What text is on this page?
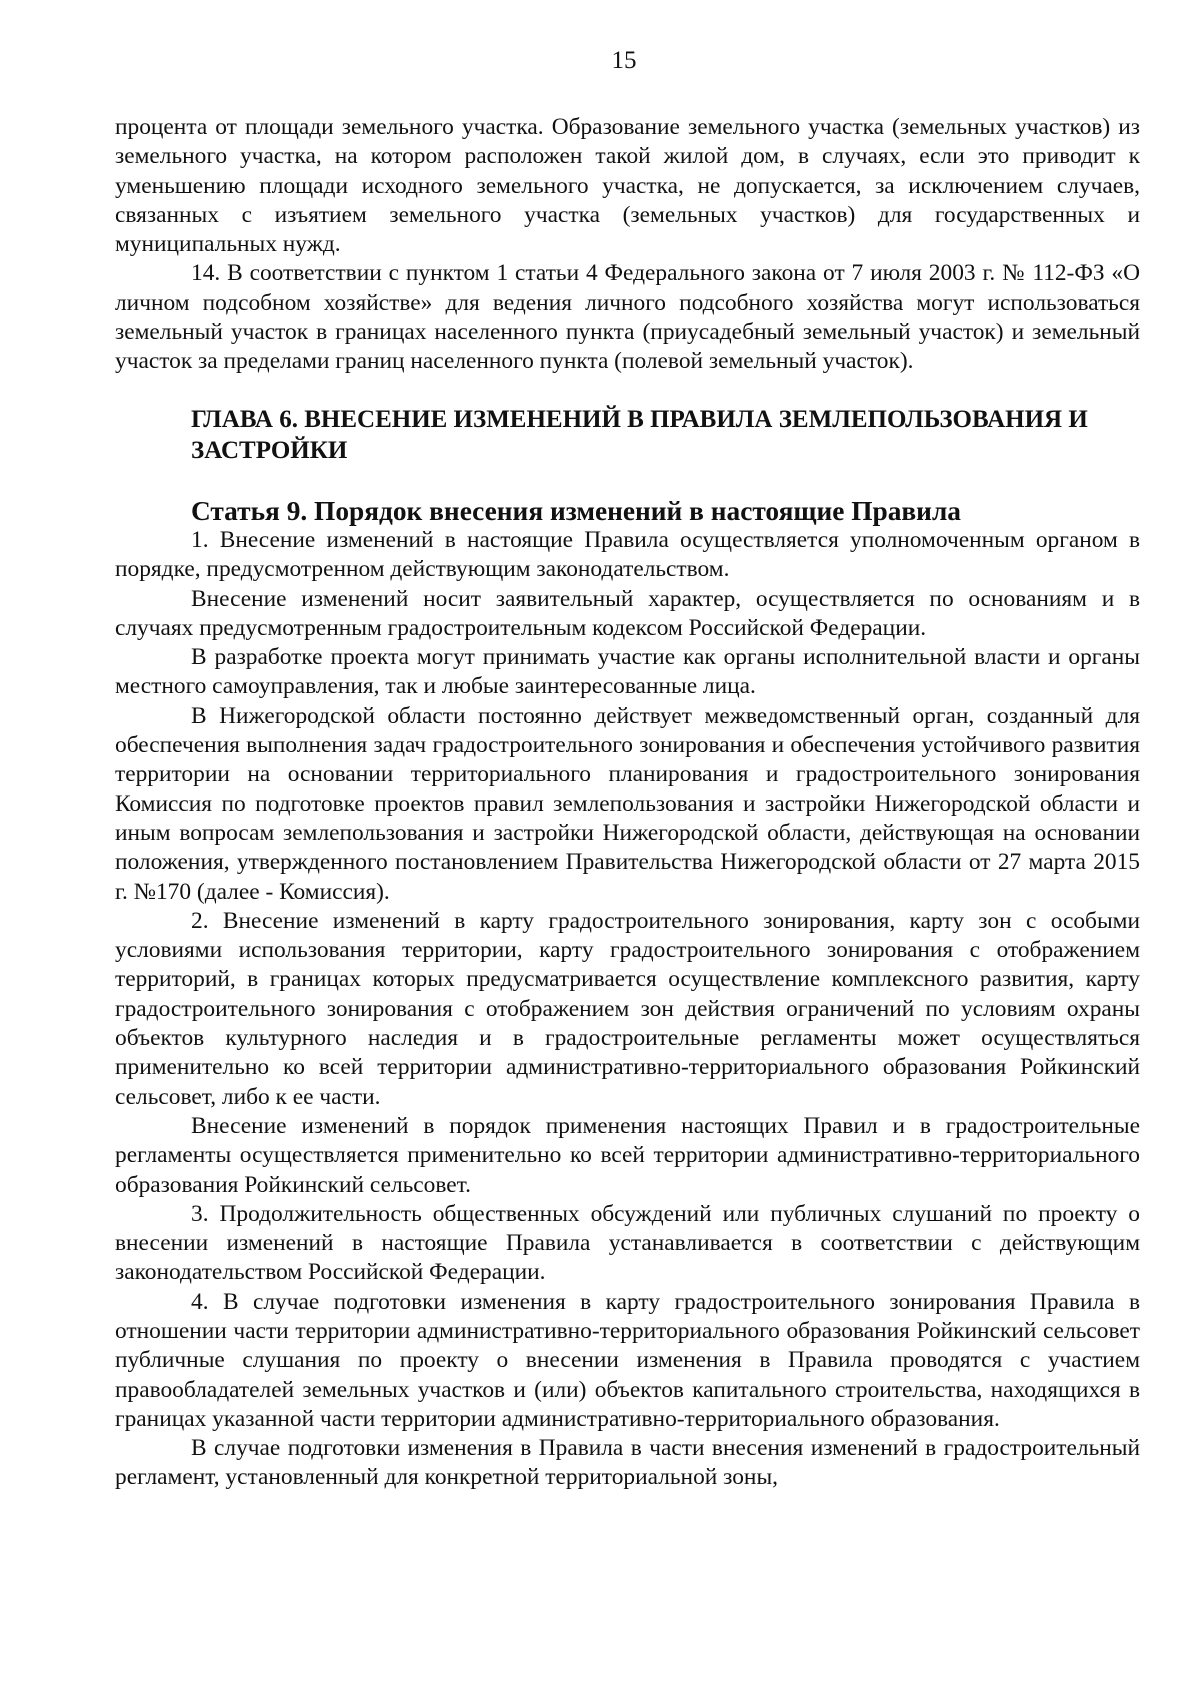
15

процента от площади земельного участка. Образование земельного участка (земельных участков) из земельного участка, на котором расположен такой жилой дом, в случаях, если это приводит к уменьшению площади исходного земельного участка, не допускается, за исключением случаев, связанных с изъятием земельного участка (земельных участков) для государственных и муниципальных нужд.

14. В соответствии с пунктом 1 статьи 4 Федерального закона от 7 июля 2003 г. № 112-ФЗ «О личном подсобном хозяйстве» для ведения личного подсобного хозяйства могут использоваться земельный участок в границах населенного пункта (приусадебный земельный участок) и земельный участок за пределами границ населенного пункта (полевой земельный участок).

ГЛАВА 6. ВНЕСЕНИЕ ИЗМЕНЕНИЙ В ПРАВИЛА ЗЕМЛЕПОЛЬЗОВАНИЯ И ЗАСТРОЙКИ
Статья 9. Порядок внесения изменений в настоящие Правила

1. Внесение изменений в настоящие Правила осуществляется уполномоченным органом в порядке, предусмотренном действующим законодательством.

Внесение изменений носит заявительный характер, осуществляется по основаниям и в случаях предусмотренным градостроительным кодексом Российской Федерации.

В разработке проекта могут принимать участие как органы исполнительной власти и органы местного самоуправления, так и любые заинтересованные лица.

В Нижегородской области постоянно действует межведомственный орган, созданный для обеспечения выполнения задач градостроительного зонирования и обеспечения устойчивого развития территории на основании территориального планирования и градостроительного зонирования Комиссия по подготовке проектов правил землепользования и застройки Нижегородской области и иным вопросам землепользования и застройки Нижегородской области, действующая на основании положения, утвержденного постановлением Правительства Нижегородской области от 27 марта 2015 г. №170 (далее - Комиссия).

2. Внесение изменений в карту градостроительного зонирования, карту зон с особыми условиями использования территории, карту градостроительного зонирования с отображением территорий, в границах которых предусматривается осуществление комплексного развития, карту градостроительного зонирования с отображением зон действия ограничений по условиям охраны объектов культурного наследия и в градостроительные регламенты может осуществляться применительно ко всей территории административно-территориального образования Ройкинский сельсовет, либо к ее части.

Внесение изменений в порядок применения настоящих Правил и в градостроительные регламенты осуществляется применительно ко всей территории административно-территориального образования Ройкинский сельсовет.

3. Продолжительность общественных обсуждений или публичных слушаний по проекту о внесении изменений в настоящие Правила устанавливается в соответствии с действующим законодательством Российской Федерации.

4. В случае подготовки изменения в карту градостроительного зонирования Правила в отношении части территории административно-территориального образования Ройкинский сельсовет публичные слушания по проекту о внесении изменения в Правила проводятся с участием правообладателей земельных участков и (или) объектов капитального строительства, находящихся в границах указанной части территории административно-территориального образования.

В случае подготовки изменения в Правила в части внесения изменений в градостроительный регламент, установленный для конкретной территориальной зоны,
